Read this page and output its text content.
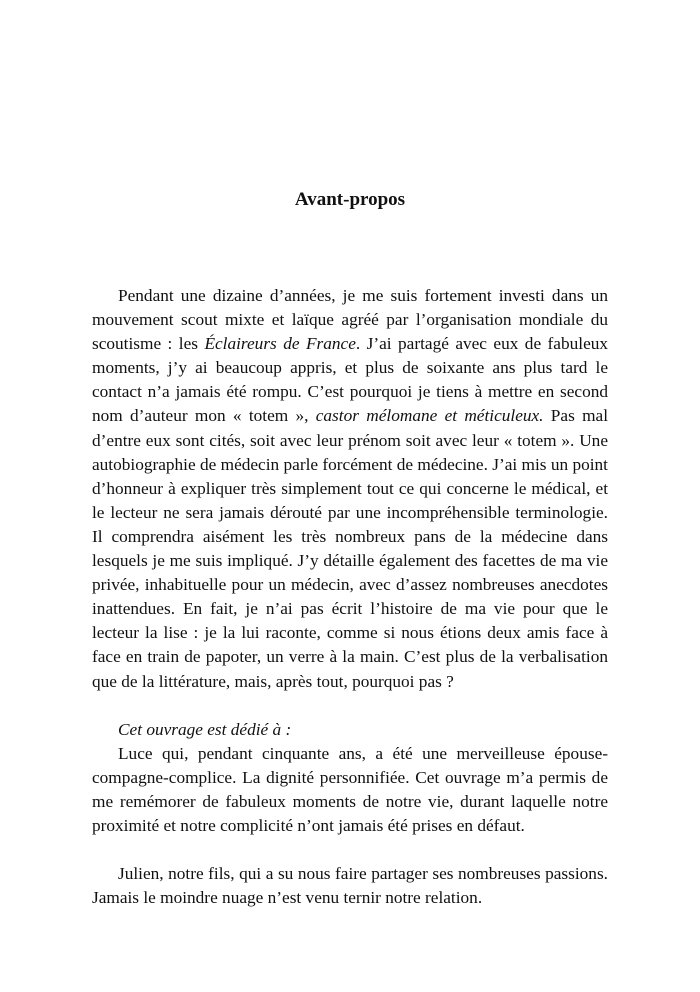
Avant-propos

Pendant une dizaine d’années, je me suis fortement investi dans un mouvement scout mixte et laïque agréé par l’organisation mondiale du scoutisme : les Éclaireurs de France. J’ai partagé avec eux de fabuleux moments, j’y ai beaucoup appris, et plus de soixante ans plus tard le contact n’a jamais été rompu. C’est pourquoi je tiens à mettre en second nom d’auteur mon « totem », castor mélomane et méticuleux. Pas mal d’entre eux sont cités, soit avec leur prénom soit avec leur « totem ». Une autobiographie de médecin parle forcément de médecine. J’ai mis un point d’honneur à expliquer très simplement tout ce qui concerne le médical, et le lecteur ne sera jamais dérouté par une incompréhensible terminologie. Il comprendra aisément les très nombreux pans de la médecine dans lesquels je me suis impliqué. J’y détaille également des facettes de ma vie privée, inhabituelle pour un médecin, avec d’assez nombreuses anecdotes inattendues. En fait, je n’ai pas écrit l’histoire de ma vie pour que le lecteur la lise : je la lui raconte, comme si nous étions deux amis face à face en train de papoter, un verre à la main. C’est plus de la verbalisation que de la littérature, mais, après tout, pourquoi pas ?

Cet ouvrage est dédié à :

Luce qui, pendant cinquante ans, a été une merveilleuse épouse-compagne-complice. La dignité personnifiée. Cet ouvrage m’a permis de me remémorer de fabuleux moments de notre vie, durant laquelle notre proximité et notre complicité n’ont jamais été prises en défaut.

Julien, notre fils, qui a su nous faire partager ses nombreuses passions. Jamais le moindre nuage n’est venu ternir notre relation.
